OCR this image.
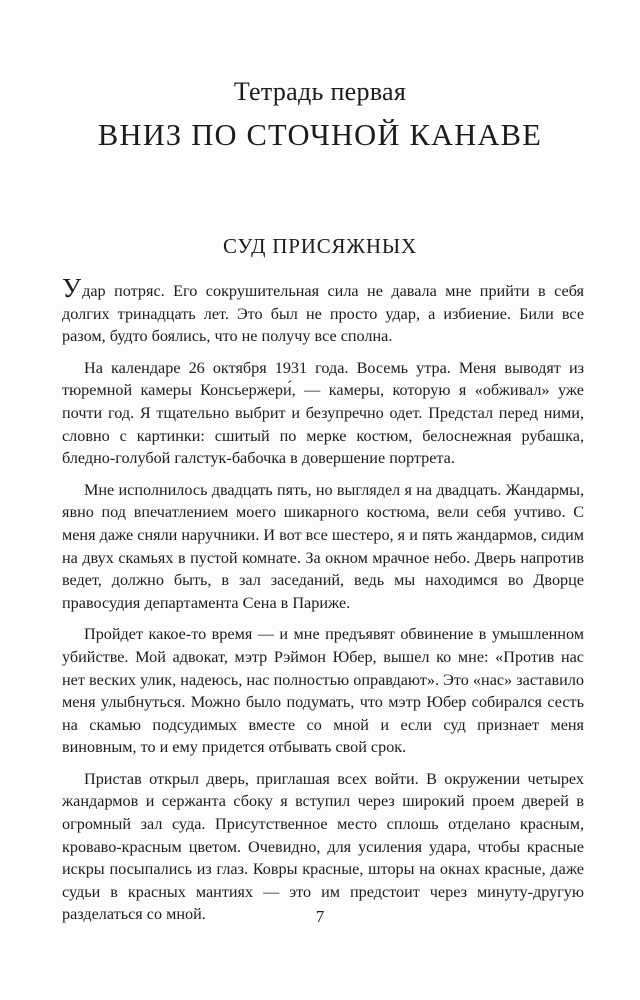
Тетрадь первая
ВНИЗ ПО СТОЧНОЙ КАНАВЕ
СУД ПРИСЯЖНЫХ

Удар потряс. Его сокрушительная сила не давала мне прийти в себя долгих тринадцать лет. Это был не просто удар, а избиение. Били все разом, будто боялись, что не получу все сполна.

На календаре 26 октября 1931 года. Восемь утра. Меня выводят из тюремной камеры Консьержери́, — камеры, которую я «обживал» уже почти год. Я тщательно выбрит и безупречно одет. Предстал перед ними, словно с картинки: сшитый по мерке костюм, белоснежная рубашка, бледно-голубой галстук-бабочка в довершение портрета.

Мне исполнилось двадцать пять, но выглядел я на двадцать. Жандармы, явно под впечатлением моего шикарного костюма, вели себя учтиво. С меня даже сняли наручники. И вот все шестеро, я и пять жандармов, сидим на двух скамьях в пустой комнате. За окном мрачное небо. Дверь напротив ведет, должно быть, в зал заседаний, ведь мы находимся во Дворце правосудия департамента Сена в Париже.

Пройдет какое-то время — и мне предъявят обвинение в умышленном убийстве. Мой адвокат, мэтр Рэймон Юбер, вышел ко мне: «Против нас нет веских улик, надеюсь, нас полностью оправдают». Это «нас» заставило меня улыбнуться. Можно было подумать, что мэтр Юбер собирался сесть на скамью подсудимых вместе со мной и если суд признает меня виновным, то и ему придется отбывать свой срок.

Пристав открыл дверь, приглашая всех войти. В окружении четырех жандармов и сержанта сбоку я вступил через широкий проем дверей в огромный зал суда. Присутственное место сплошь отделано красным, кроваво-красным цветом. Очевидно, для усиления удара, чтобы красные искры посыпались из глаз. Ковры красные, шторы на окнах красные, даже судьи в красных мантиях — это им предстоит через минуту-другую разделаться со мной.	7
